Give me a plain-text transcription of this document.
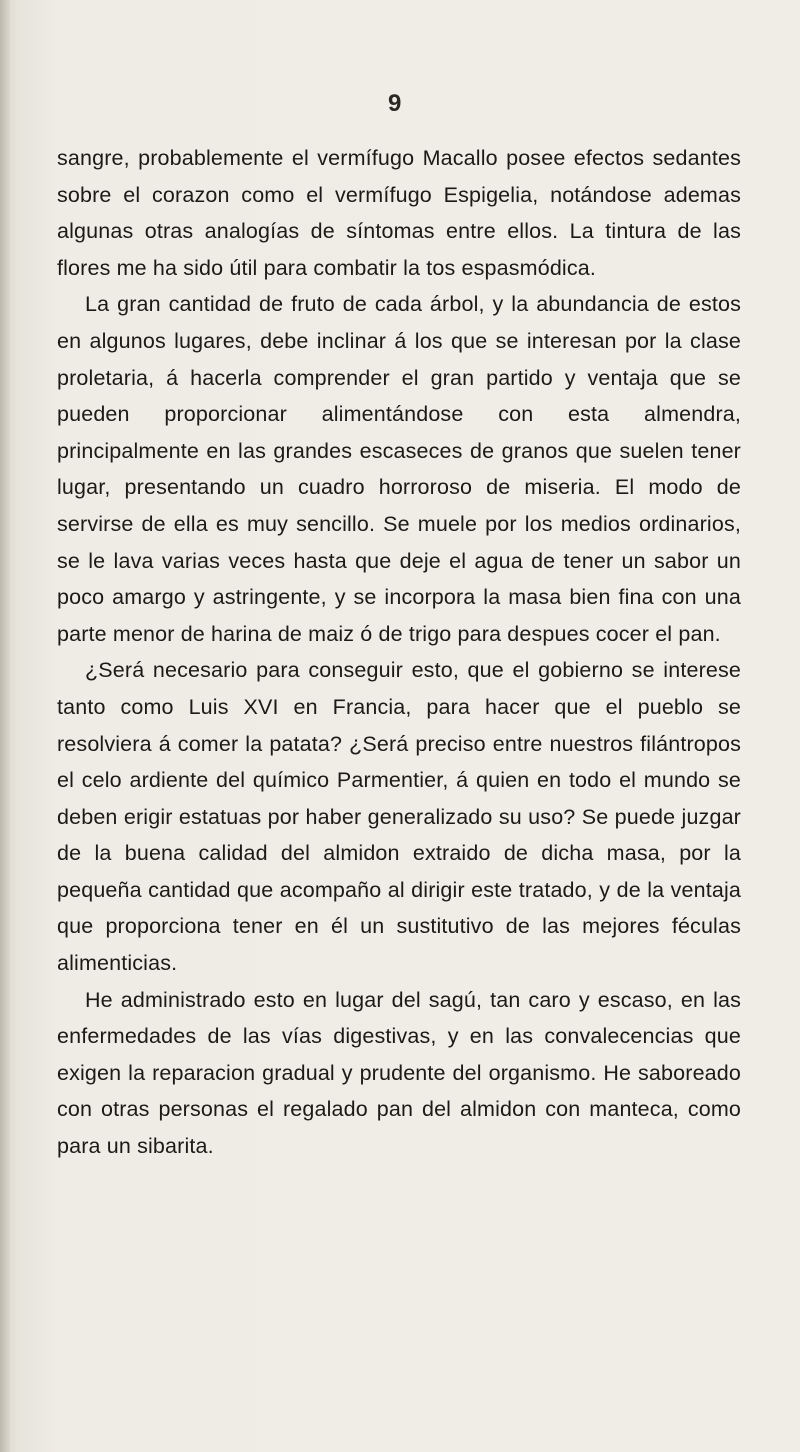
9

sangre, probablemente el vermífugo Macallo posee efectos sedantes sobre el corazon como el vermífugo Espigelia, notándose ademas algunas otras analogías de síntomas entre ellos. La tintura de las flores me ha sido útil para combatir la tos espasmódica.

La gran cantidad de fruto de cada árbol, y la abundancia de estos en algunos lugares, debe inclinar á los que se interesan por la clase proletaria, á hacerla comprender el gran partido y ventaja que se pueden proporcionar alimentándose con esta almendra, principalmente en las grandes escaseces de granos que suelen tener lugar, presentando un cuadro horroroso de miseria. El modo de servirse de ella es muy sencillo. Se muele por los medios ordinarios, se le lava varias veces hasta que deje el agua de tener un sabor un poco amargo y astringente, y se incorpora la masa bien fina con una parte menor de harina de maiz ó de trigo para despues cocer el pan.

¿Será necesario para conseguir esto, que el gobierno se interese tanto como Luis XVI en Francia, para hacer que el pueblo se resolviera á comer la patata? ¿Será preciso entre nuestros filántropos el celo ardiente del químico Parmentier, á quien en todo el mundo se deben erigir estatuas por haber generalizado su uso? Se puede juzgar de la buena calidad del almidon extraido de dicha masa, por la pequeña cantidad que acompaño al dirigir este tratado, y de la ventaja que proporciona tener en él un sustitutivo de las mejores féculas alimenticias.

He administrado esto en lugar del sagú, tan caro y escaso, en las enfermedades de las vías digestivas, y en las convalecencias que exigen la reparacion gradual y prudente del organismo. He saboreado con otras personas el regalado pan del almidon con manteca, como para un sibarita.
